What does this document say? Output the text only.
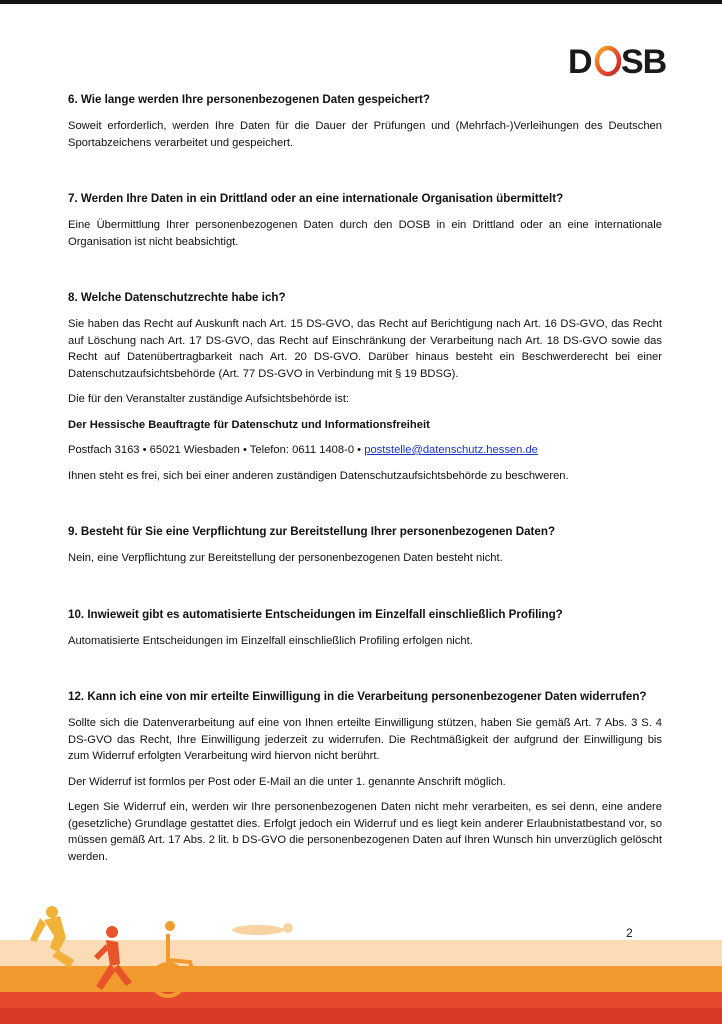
D SB
6. Wie lange werden Ihre personenbezogenen Daten gespeichert?

Soweit erforderlich, werden Ihre Daten für die Dauer der Prüfungen und (Mehrfach-)Verleihungen des Deutschen Sportabzeichens verarbeitet und gespeichert.

7. Werden Ihre Daten in ein Drittland oder an eine internationale Organisation übermittelt?

Eine Übermittlung Ihrer personenbezogenen Daten durch den DOSB in ein Drittland oder an eine internationale Organisation ist nicht beabsichtigt.

8. Welche Datenschutzrechte habe ich?

Sie haben das Recht auf Auskunft nach Art. 15 DS-GVO, das Recht auf Berichtigung nach Art. 16 DS-GVO, das Recht auf Löschung nach Art. 17 DS-GVO, das Recht auf Einschränkung der Verarbeitung nach Art. 18 DS-GVO sowie das Recht auf Datenübertragbarkeit nach Art. 20 DS-GVO. Darüber hinaus besteht ein Beschwerderecht bei einer Datenschutzaufsichtsbehörde (Art. 77 DS-GVO in Verbindung mit § 19 BDSG).

Die für den Veranstalter zuständige Aufsichtsbehörde ist:

Der Hessische Beauftragte für Datenschutz und Informationsfreiheit

Postfach 3163 • 65021 Wiesbaden • Telefon: 0611 1408-0 • poststelle@datenschutz.hessen.de

Ihnen steht es frei, sich bei einer anderen zuständigen Datenschutzaufsichtsbehörde zu beschweren.

9. Besteht für Sie eine Verpflichtung zur Bereitstellung Ihrer personenbezogenen Daten?

Nein, eine Verpflichtung zur Bereitstellung der personenbezogenen Daten besteht nicht.

10. Inwieweit gibt es automatisierte Entscheidungen im Einzelfall einschließlich Profiling?

Automatisierte Entscheidungen im Einzelfall einschließlich Profiling erfolgen nicht.

12. Kann ich eine von mir erteilte Einwilligung in die Verarbeitung personenbezogener Daten widerrufen?

Sollte sich die Datenverarbeitung auf eine von Ihnen erteilte Einwilligung stützen, haben Sie gemäß Art. 7 Abs. 3 S. 4 DS-GVO das Recht, Ihre Einwilligung jederzeit zu widerrufen. Die Rechtmäßigkeit der aufgrund der Einwilligung bis zum Widerruf erfolgten Verarbeitung wird hiervon nicht berührt.

Der Widerruf ist formlos per Post oder E-Mail an die unter 1. genannte Anschrift möglich.

Legen Sie Widerruf ein, werden wir Ihre personenbezogenen Daten nicht mehr verarbeiten, es sei denn, eine andere (gesetzliche) Grundlage gestattet dies. Erfolgt jedoch ein Widerruf und es liegt kein anderer Erlaubnistatbestand vor, so müssen gemäß Art. 17 Abs. 2 lit. b DS-GVO die personenbezogenen Daten auf Ihren Wunsch hin unverzüglich gelöscht werden.

2
